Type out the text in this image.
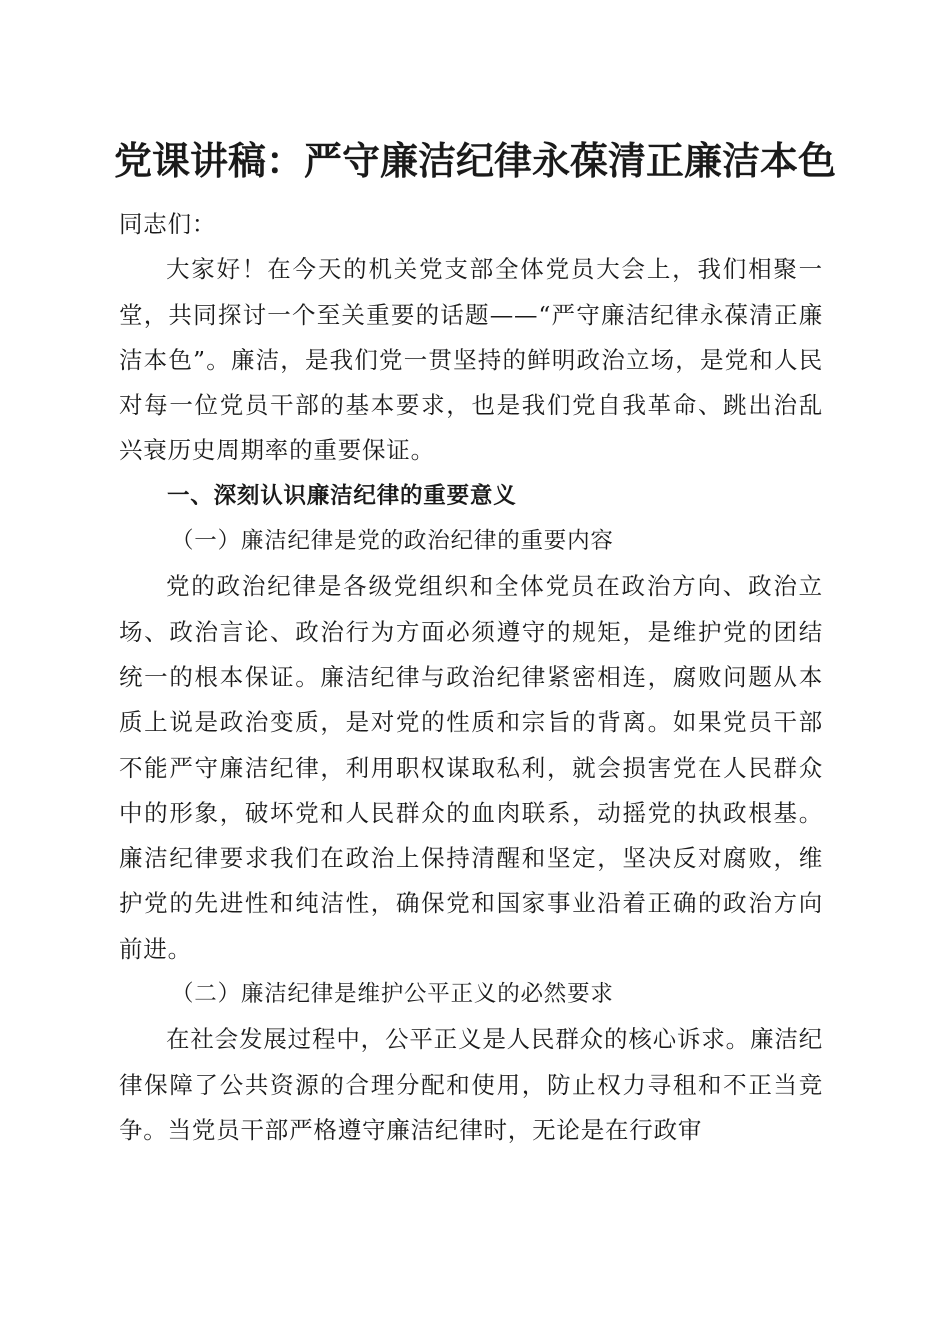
党课讲稿：严守廉洁纪律永葆清正廉洁本色

同志们：

大家好！在今天的机关党支部全体党员大会上，我们相聚一堂，共同探讨一个至关重要的话题——“严守廉洁纪律永葆清正廉洁本色”。廉洁，是我们党一贯坚持的鲜明政治立场，是党和人民对每一位党员干部的基本要求，也是我们党自我革命、跳出治乱兴衰历史周期率的重要保证。

一、深刻认识廉洁纪律的重要意义

（一）廉洁纪律是党的政治纪律的重要内容

党的政治纪律是各级党组织和全体党员在政治方向、政治立场、政治言论、政治行为方面必须遵守的规矩，是维护党的团结统一的根本保证。廉洁纪律与政治纪律紧密相连，腐败问题从本质上说是政治变质，是对党的性质和宗旨的背离。如果党员干部不能严守廉洁纪律，利用职权谋取私利，就会损害党在人民群众中的形象，破坏党和人民群众的血肉联系，动摇党的执政根基。廉洁纪律要求我们在政治上保持清醒和坚定，坚决反对腐败，维护党的先进性和纯洁性，确保党和国家事业沿着正确的政治方向前进。

（二）廉洁纪律是维护公平正义的必然要求

在社会发展过程中，公平正义是人民群众的核心诉求。廉洁纪律保障了公共资源的合理分配和使用，防止权力寻租和不正当竞争。当党员干部严格遵守廉洁纪律时，无论是在行政审
